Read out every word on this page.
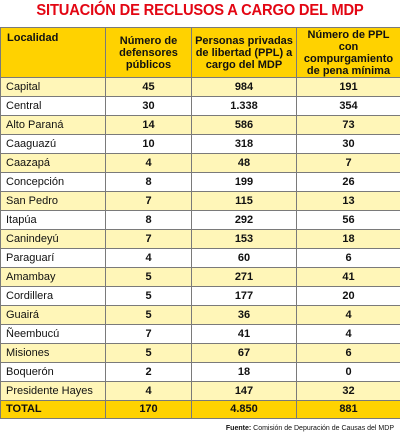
SITUACIÓN DE RECLUSOS A CARGO DEL MDP
Localidad	Número de defensores públicos	Personas privadas de libertad (PPL) a cargo del MDP	Número de PPL con compurgamiento de pena mínima
Capital	45	984	191
Central	30	1.338	354
Alto Paraná	14	586	73
Caaguazú	10	318	30
Caazapá	4	48	7
Concepción	8	199	26
San Pedro	7	115	13
Itapúa	8	292	56
Canindeyú	7	153	18
Paraguarí	4	60	6
Amambay	5	271	41
Cordillera	5	177	20
Guairá	5	36	4
Ñeembucú	7	41	4
Misiones	5	67	6
Boquerón	2	18	0
Presidente Hayes	4	147	32
TOTAL	170	4.850	881
Fuente: Comisión de Depuración de Causas del MDP
